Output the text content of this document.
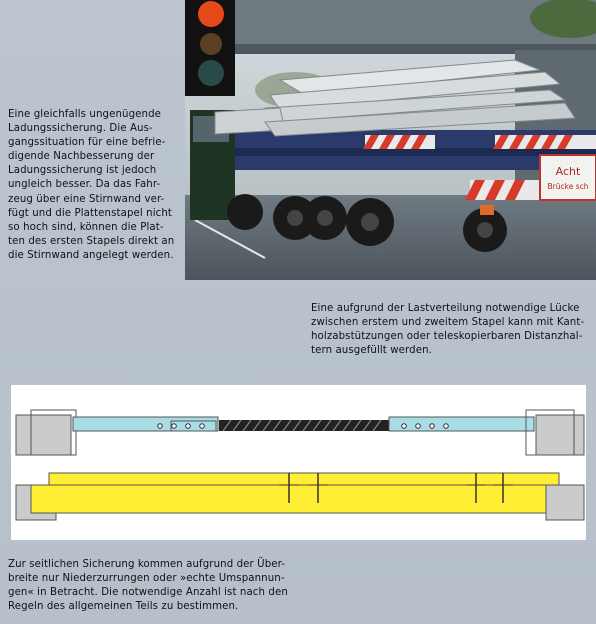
Eine gleichfalls ungenügende
Ladungssicherung. Die Aus-
gangssituation für eine befrie-
digende Nachbesserung der
Ladungssicherung ist jedoch
ungleich besser. Da das Fahr-
zeug über eine Stirnwand ver-
fügt und die Plattenstapel nicht
so hoch sind, können die Plat-
ten des ersten Stapels direkt an
die Stirnwand angelegt werden.
Acht
Brücke sch
Eine aufgrund der Lastverteilung notwendige Lücke
zwischen erstem und zweitem Stapel kann mit Kant-
holzabstützungen oder teleskopierbaren Distanzhal-
tern ausgefüllt werden.
Zur seitlichen Sicherung kommen aufgrund der Über-
breite nur Niederzurrungen oder »echte Umspannun-
gen« in Betracht. Die notwendige Anzahl ist nach den
Regeln des allgemeinen Teils zu bestimmen.
